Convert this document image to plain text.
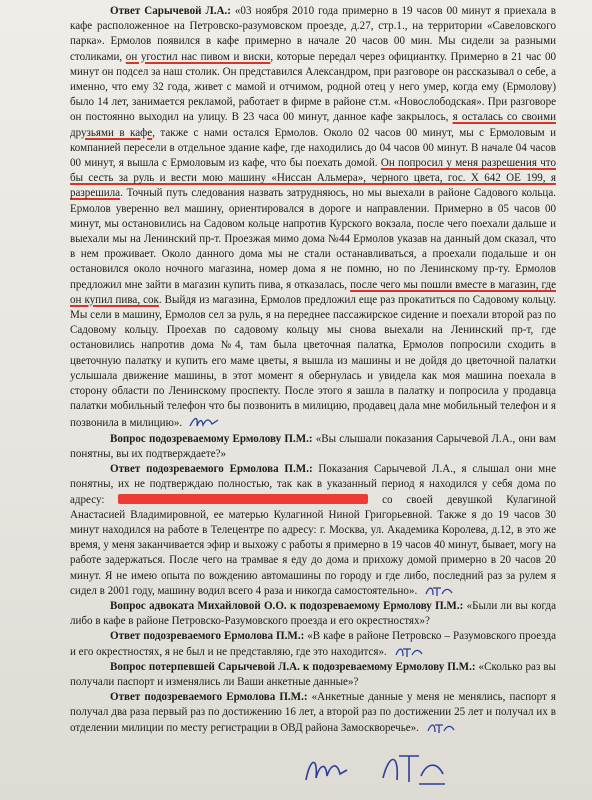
Ответ Сарычевой Л.А.: «03 ноября 2010 года примерно в 19 часов 00 минут я приехала в кафе расположенное на Петровско-разумовском проезде, д.27, стр.1., на территории «Савеловского парка». Ермолов появился в кафе примерно в начале 20 часов 00 мин. Мы сидели за разными столиками, он угостил нас пивом и виски, которые передал через официантку. Примерно в 21 час 00 минут он подсел за наш столик. Он представился Александром, при разговоре он рассказывал о себе, а именно, что ему 32 года, живет с мамой и отчимом, родной отец у него умер, когда ему (Ермолову) было 14 лет, занимается рекламой, работает в фирме в районе ст.м. «Новослободская». При разговоре он постоянно выходил на улицу. В 23 часа 00 минут, данное кафе закрылось, я осталась со своими друзьями в кафе, также с нами остался Ермолов. Около 02 часов 00 минут, мы с Ермоловым и компанией пересели в отдельное здание кафе, где находились до 04 часов 00 минут. В начале 04 часов 00 минут, я вышла с Ермоловым из кафе, что бы поехать домой. Он попросил у меня разрешения что бы сесть за руль и вести мою машину «Ниссан Альмера», черного цвета, гос. Х 642 ОЕ 199, я разрешила. Точный путь следования назвать затрудняюсь, но мы выехали в районе Садового кольца. Ермолов уверенно вел машину, ориентировался в дороге и направлении. Примерно в 05 часов 00 минут, мы остановились на Садовом кольце напротив Курского вокзала, после чего поехали дальше и выехали мы на Ленинский пр-т. Проезжая мимо дома №44 Ермолов указав на данный дом сказал, что в нем проживает. Около данного дома мы не стали останавливаться, а проехали подальше и он остановился около ночного магазина, номер дома я не помню, но по Ленинскому пр-ту. Ермолов предложил мне зайти в магазин купить пива, я отказалась, после чего мы пошли вместе в магазин, где он купил пива, сок. Выйдя из магазина, Ермолов предложил еще раз прокатиться по Садовому кольцу. Мы сели в машину, Ермолов сел за руль, я на переднее пассажирское сидение и поехали второй раз по Садовому кольцу. Проехав по садовому кольцу мы снова выехали на Ленинский пр-т, где остановились напротив дома №4, там была цветочная палатка, Ермолов попросили сходить в цветочную палатку и купить его маме цветы, я вышла из машины и не дойдя до цветочной палатки услышала движение машины, в этот момент я обернулась и увидела как моя машина поехала в сторону области по Ленинскому проспекту. После этого я зашла в палатку и попросила у продавца палатки мобильный телефон что бы позвонить в милицию, продавец дала мне мобильный телефон и я позвонила в милицию».

Вопрос подозреваемому Ермолову П.М.: «Вы слышали показания Сарычевой Л.А., они вам понятны, вы их подтверждаете?»

Ответ подозреваемого Ермолова П.М.: Показания Сарычевой Л.А., я слышал они мне понятны, их не подтверждаю полностью, так как в указанный период я находился у себя дома по адресу:	со своей девушкой Кулагиной Анастасией Владимировной, ее матерью Кулагиной Ниной Григорьевной. Также я до 19 часов 30 минут находился на работе в Телецентре по адресу: г. Москва, ул. Академика Королева, д.12, в это же время, у меня заканчивается эфир и выхожу с работы я примерно в 19 часов 40 минут, бывает, могу на работе задержаться. После чего на трамвае я еду до дома и прихожу домой примерно в 20 часов 20 минут. Я не имею опыта по вождению автомашины по городу и где либо, последний раз за рулем я сидел в 2001 году, машину водил всего 4 раза и никогда самостоятельно».

Вопрос адвоката Михайловой О.О. к подозреваемому Ермолову П.М.: «Были ли вы когда либо в кафе в районе Петровско-Разумовского проезда и его окрестностях»?

Ответ подозреваемого Ермолова П.М.: «В кафе в районе Петровско – Разумовского проезда и его окрестностях, я не был и не представляю, где это находится».

Вопрос потерпевшей Сарычевой Л.А. к подозреваемому Ермолову П.М.: «Сколько раз вы получали паспорт и изменялись ли Ваши анкетные данные»?

Ответ подозреваемого Ермолова П.М.: «Анкетные данные у меня не менялись, паспорт я получал два раза первый раз по достижению 16 лет, а второй раз по достижении 25 лет и получал их в отделении милиции по месту регистрации в ОВД района Замоскворечье».
